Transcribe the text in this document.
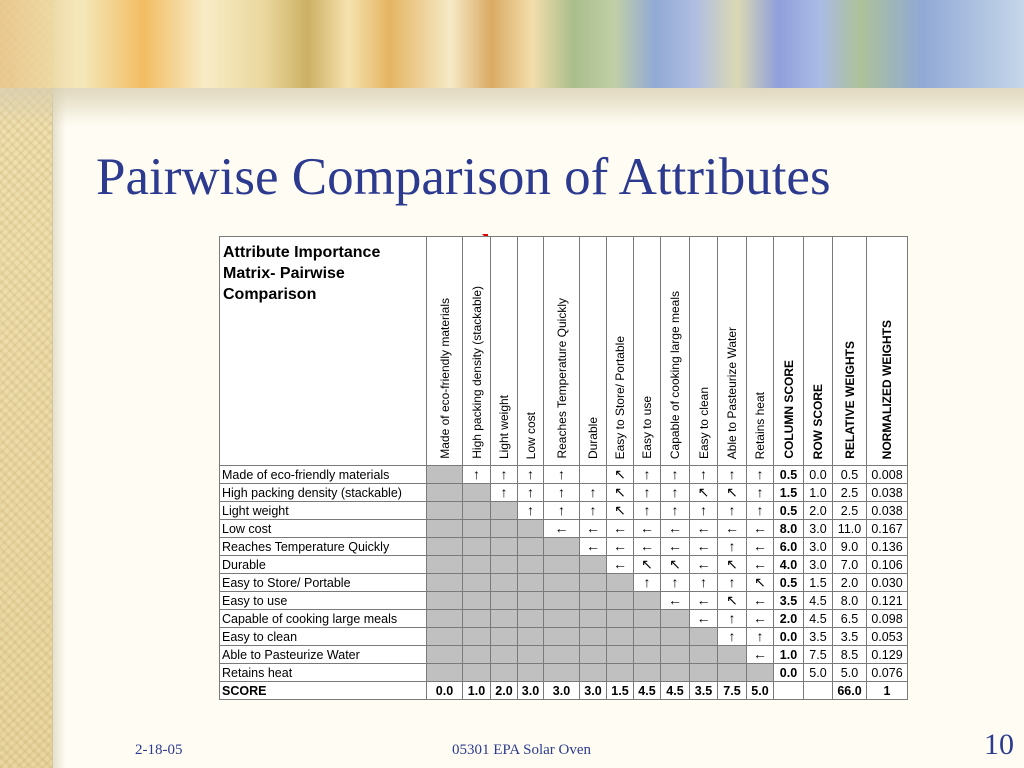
Pairwise Comparison of Attributes
Attribute Importance Matrix- Pairwise Comparison	Made of eco-friendly materials	High packing density (stackable)	Light weight	Low cost	Reaches Temperature Quickly	Durable	Easy to Store/ Portable	Easy to use	Capable of cooking large meals	Easy to clean	Able to Pasteurize Water	Retains heat	COLUMN SCORE	ROW SCORE	RELATIVE WEIGHTS	NORMALIZED WEIGHTS

Made of eco-friendly materials		↑	↑	↑	↑		↖	↑	↑	↑	↑	↑	0.5	0.0	0.5	0.008
High packing density (stackable)			↑	↑	↑	↑	↖	↑	↑	↖	↖	↑	1.5	1.0	2.5	0.038
Light weight				↑	↑	↑	↖	↑	↑	↑	↑	↑	0.5	2.0	2.5	0.038
Low cost					←	←	←	←	←	←	←	←	8.0	3.0	11.0	0.167
Reaches Temperature Quickly						←	←	←	←	←	↑	←	6.0	3.0	9.0	0.136
Durable							←	↖	↖	←	↖	←	4.0	3.0	7.0	0.106
Easy to Store/ Portable								↑	↑	↑	↑	↖	0.5	1.5	2.0	0.030
Easy to use									←	←	↖	←	3.5	4.5	8.0	0.121
Capable of cooking large meals										←	↑	←	2.0	4.5	6.5	0.098
Easy to clean											↑	↑	0.0	3.5	3.5	0.053
Able to Pasteurize Water												←	1.0	7.5	8.5	0.129
Retains heat													0.0	5.0	5.0	0.076
SCORE	0.0	1.0	2.0	3.0	3.0	3.0	1.5	4.5	4.5	3.5	7.5	5.0			66.0	1
2-18-05	05301 EPA Solar Oven	10
